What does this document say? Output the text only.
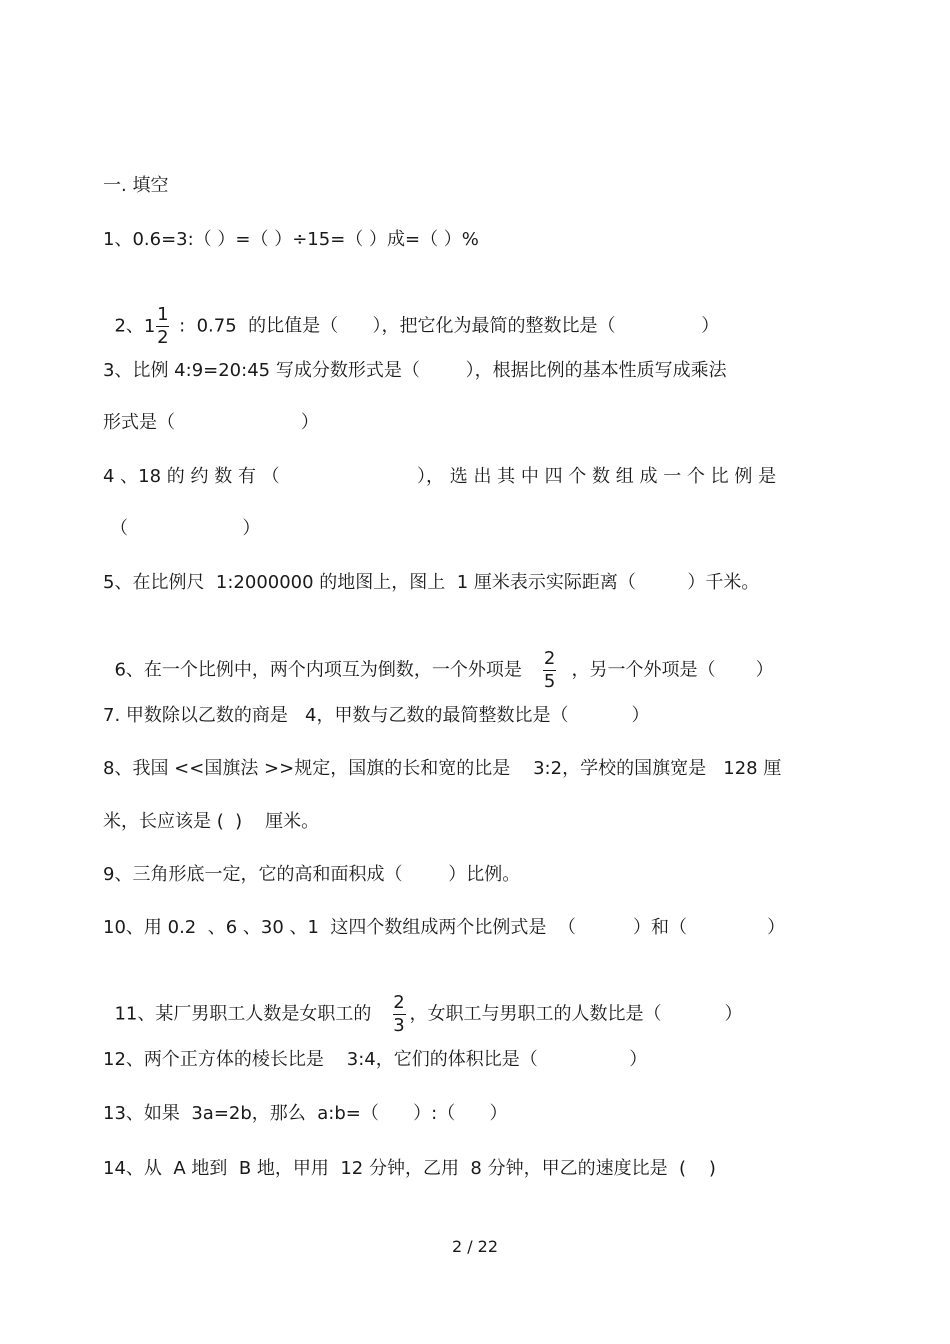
一. 填空
1、0.6=3:（ ）=（ ）÷15=（ ）成=（ ）%

2、 $1 \frac{1}{2}$ :  0.75  的比值是（      ），把它化为最简的整数比是（               ）

3、比例 4:9=20:45 写成分数形式是（        ），根据比例的基本性质写成乘法
形式是（                      ）
4 、18 的 约 数 有 （                        ）， 选 出 其 中 四 个 数 组 成 一 个 比 例 是
（                    ）
5、在比例尺  1:2000000 的地图上，图上  1 厘米表示实际距离（         ）千米。

6、在一个比例中，两个内项互为倒数，一个外项是 $\frac{2}{5}$ ，另一个外项是（       ）

7. 甲数除以乙数的商是   4，甲数与乙数的最简整数比是（           ）
8、我国 <<国旗法 >>规定，国旗的长和宽的比是    3:2，学校的国旗宽是   128 厘
米，长应该是 (  )    厘米。
9、三角形底一定，它的高和面积成（        ）比例。
10、用 0.2  、6 、30 、1  这四个数组成两个比例式是  （          ）和（              ）

11、某厂男职工人数是女职工的 $\frac{2}{3}$ ，女职工与男职工的人数比是（           ）

12、两个正方体的棱长比是    3:4，它们的体积比是（                ）
13、如果  3a=2b，那么  a:b=（      ）:（      ）
14、从  A 地到  B 地，甲用  12 分钟，乙用  8 分钟，甲乙的速度比是  (    )
2 / 22
